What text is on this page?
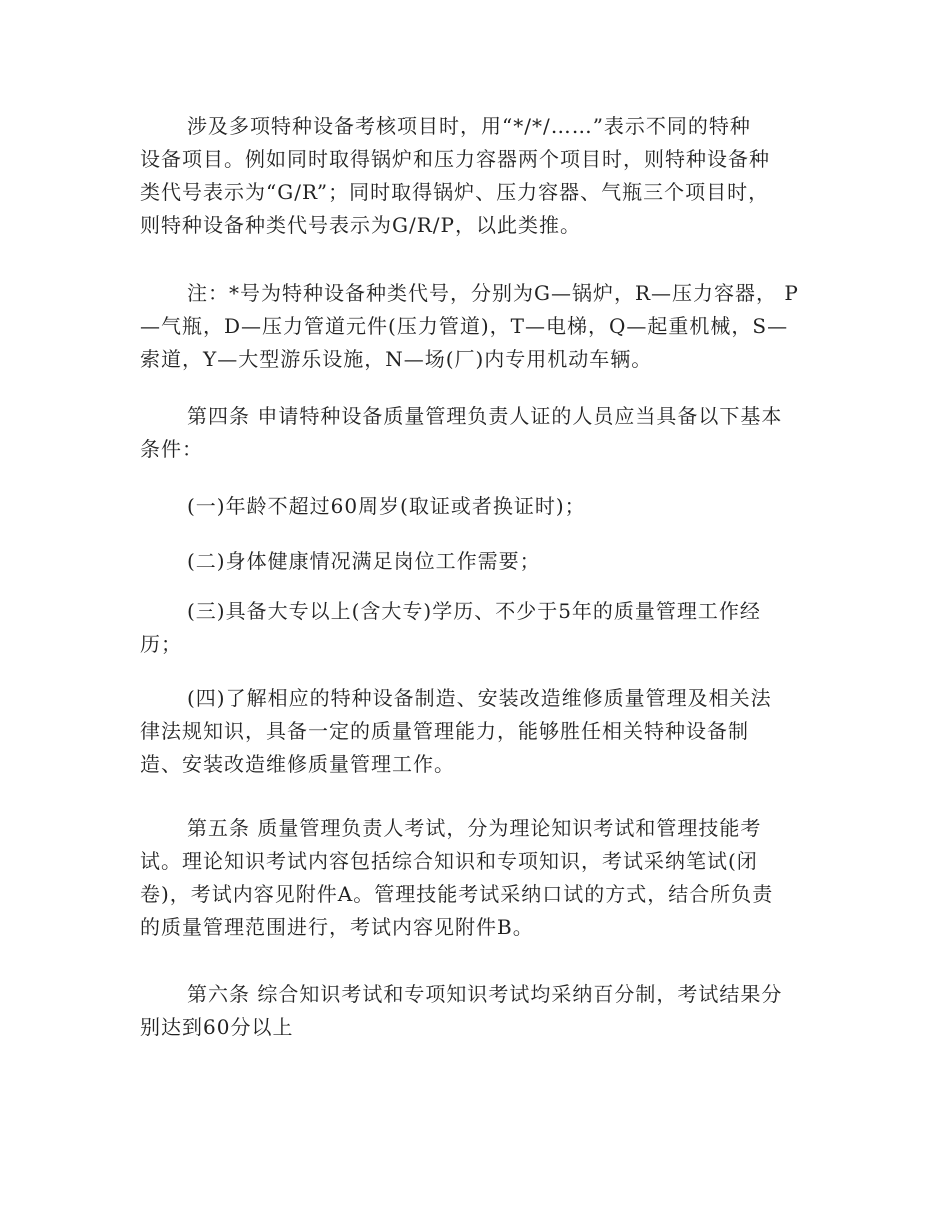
涉及多项特种设备考核项目时，用“*/*/……”表示不同的特种
设备项目。例如同时取得锅炉和压力容器两个项目时，则特种设备种
类代号表示为“G/R”；同时取得锅炉、压力容器、气瓶三个项目时，
则特种设备种类代号表示为G/R/P，以此类推。
注：*号为特种设备种类代号，分别为G—锅炉，R—压力容器， P
—气瓶，D—压力管道元件(压力管道)，T—电梯，Q—起重机械，S—
索道，Y—大型游乐设施，N—场(厂)内专用机动车辆。
第四条 申请特种设备质量管理负责人证的人员应当具备以下基本
条件：
(一)年龄不超过60周岁(取证或者换证时)；
(二)身体健康情况满足岗位工作需要；
(三)具备大专以上(含大专)学历、不少于5年的质量管理工作经
历；
(四)了解相应的特种设备制造、安装改造维修质量管理及相关法
律法规知识，具备一定的质量管理能力，能够胜任相关特种设备制
造、安装改造维修质量管理工作。
第五条 质量管理负责人考试，分为理论知识考试和管理技能考
试。理论知识考试内容包括综合知识和专项知识，考试采纳笔试(闭
卷)，考试内容见附件A。管理技能考试采纳口试的方式，结合所负责
的质量管理范围进行，考试内容见附件B。
第六条 综合知识考试和专项知识考试均采纳百分制，考试结果分
别达到60分以上
